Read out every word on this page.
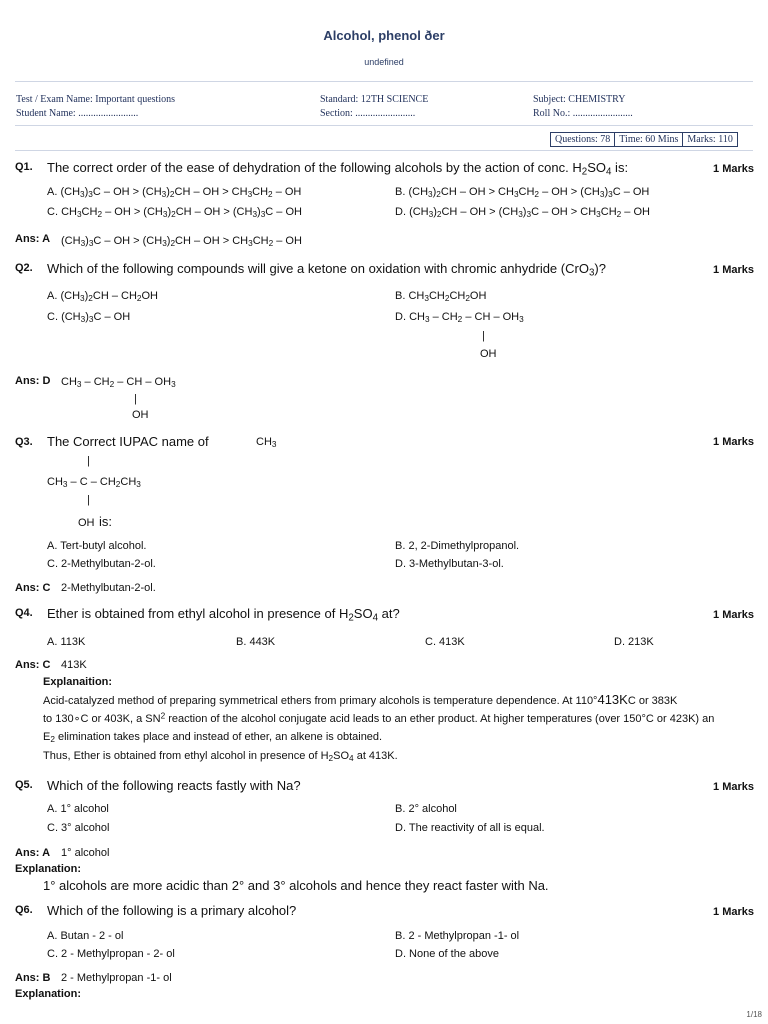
Alcohol, phenol ðer
undefined
Test / Exam Name: Important questions
Student Name: ........................
Standard: 12TH SCIENCE
Section: ........................
Subject: CHEMISTRY
Roll No.: ........................
Questions: 78 Time: 60 Mins Marks: 110
Q1. The correct order of the ease of dehydration of the following alcohols by the action of conc. $H_2SO_4$ is:	1 Marks
A. $(CH_3)_3C$ – OH > $(CH_3)_2CH$ – OH > $CH_3CH_2$ – OH	B. $(CH_3)_2CH$ – OH > $CH_3CH_2$ – OH > $(CH_3)_3C$ – OH
C. $CH_3CH_2$ – OH > $(CH_3)_2CH$ – OH > $(CH_3)_3C$ – OH	D. $(CH_3)_2CH$ – OH > $(CH_3)_3C$ – OH > $CH_3CH_2$ – OH
Ans: A $(CH_3)_3C$ – OH > $(CH_3)_2CH$ – OH > $CH_3CH_2$ – OH
Q2. Which of the following compounds will give a ketone on oxidation with chromic anhydride (CrO$_3$)?	1 Marks
A. $(CH_3)_2CH - CH_2OH$	B. $CH_3CH_2CH_2OH$
C. $(CH_3)_3C$ – OH	D. $CH_3 - CH_2$ – CH – $OH_3$
|
OH
Ans: D $CH_3 - CH_2$ – CH – $OH_3$
|
OH
Q3. The Correct IUPAC name of	$CH_3$	1 Marks
|
$CH_3$ – C – $CH_2CH_3$
|
OH is:
A. Tert-butyl alcohol.	B. 2, 2-Dimethylpropanol.
C. 2-Methylbutan-2-ol.	D. 3-Methylbutan-3-ol.
Ans: C 2-Methylbutan-2-ol.
Q4. Ether is obtained from ethyl alcohol in presence of $H_2SO_4$ at?	1 Marks
A. 113K	B. 443K	C. 413K	D. 213K
Ans: C 413K
Explanaition:
Acid-catalyzed method of preparing symmetrical ethers from primary alcohols is temperature dependence. At 110°413KC or 383K
to 130∘C or 403K, a $SN^2$ reaction of the alcohol conjugate acid leads to an ether product. At higher temperatures (over 150°C or 423K) an
$E_2$ elimination takes place and instead of ether, an alkene is obtained.
Thus, Ether is obtained from ethyl alcohol in presence of $H_2SO_4$ at 413K.
Q5. Which of the following reacts fastly with Na?	1 Marks
A. 1° alcohol	B. 2° alcohol
C. 3° alcohol	D. The reactivity of all is equal.
Ans: A 1° alcohol
Explanation:
1° alcohols are more acidic than 2° and 3° alcohols and hence they react faster with Na.
Q6. Which of the following is a primary alcohol?	1 Marks
A. Butan - 2 - ol	B. 2 - Methylpropan -1- ol
C. 2 - Methylpropan - 2- ol	D. None of the above
Ans: B 2 - Methylpropan -1- ol
Explanation:
1/18
